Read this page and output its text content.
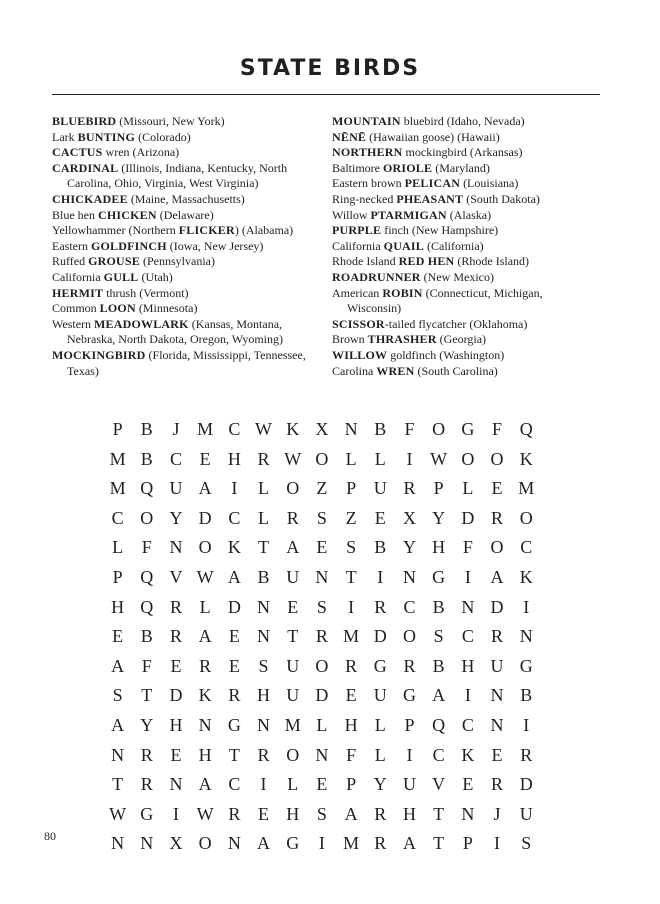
STATE BIRDS
BLUEBIRD (Missouri, New York)
Lark BUNTING (Colorado)
CACTUS wren (Arizona)
CARDINAL (Illinois, Indiana, Kentucky, North Carolina, Ohio, Virginia, West Virginia)
CHICKADEE (Maine, Massachusetts)
Blue hen CHICKEN (Delaware)
Yellowhammer (Northern FLICKER) (Alabama)
Eastern GOLDFINCH (Iowa, New Jersey)
Ruffed GROUSE (Pennsylvania)
California GULL (Utah)
HERMIT thrush (Vermont)
Common LOON (Minnesota)
Western MEADOWLARK (Kansas, Montana, Nebraska, North Dakota, Oregon, Wyoming)
MOCKINGBIRD (Florida, Mississippi, Tennessee, Texas)
MOUNTAIN bluebird (Idaho, Nevada)
NĒNĒ (Hawaiian goose) (Hawaii)
NORTHERN mockingbird (Arkansas)
Baltimore ORIOLE (Maryland)
Eastern brown PELICAN (Louisiana)
Ring-necked PHEASANT (South Dakota)
Willow PTARMIGAN (Alaska)
PURPLE finch (New Hampshire)
California QUAIL (California)
Rhode Island RED HEN (Rhode Island)
ROADRUNNER (New Mexico)
American ROBIN (Connecticut, Michigan, Wisconsin)
SCISSOR-tailed flycatcher (Oklahoma)
Brown THRASHER (Georgia)
WILLOW goldfinch (Washington)
Carolina WREN (South Carolina)
P	B	J M C W K X N B	F O G F Q
M B C E H R W O L	L	I W O O K
M Q U A	I	L O Z	P U R	P	L	E M
C O Y D C L R	S	Z	E X Y D R O
L	F N O K T A E	S	B Y H F O C
P Q V W A B U N T	I	N G	I	A K
H Q R L D N E	S	I	R C B N D	I
E B R A E N T R M D O S	C R N
A F	E R E	S U O R G R B H U G
S	T D K R H U D E U G A	I	N B
A Y H N G N M L H L	P Q C N	I
N R E H T R O N F	L	I	C K E R
T R N A C	I	L	E	P Y U V E R D
W G	I W R E H S A R H T N	J	U
N N X O N A G	I	M R A T	P	I	S
80
